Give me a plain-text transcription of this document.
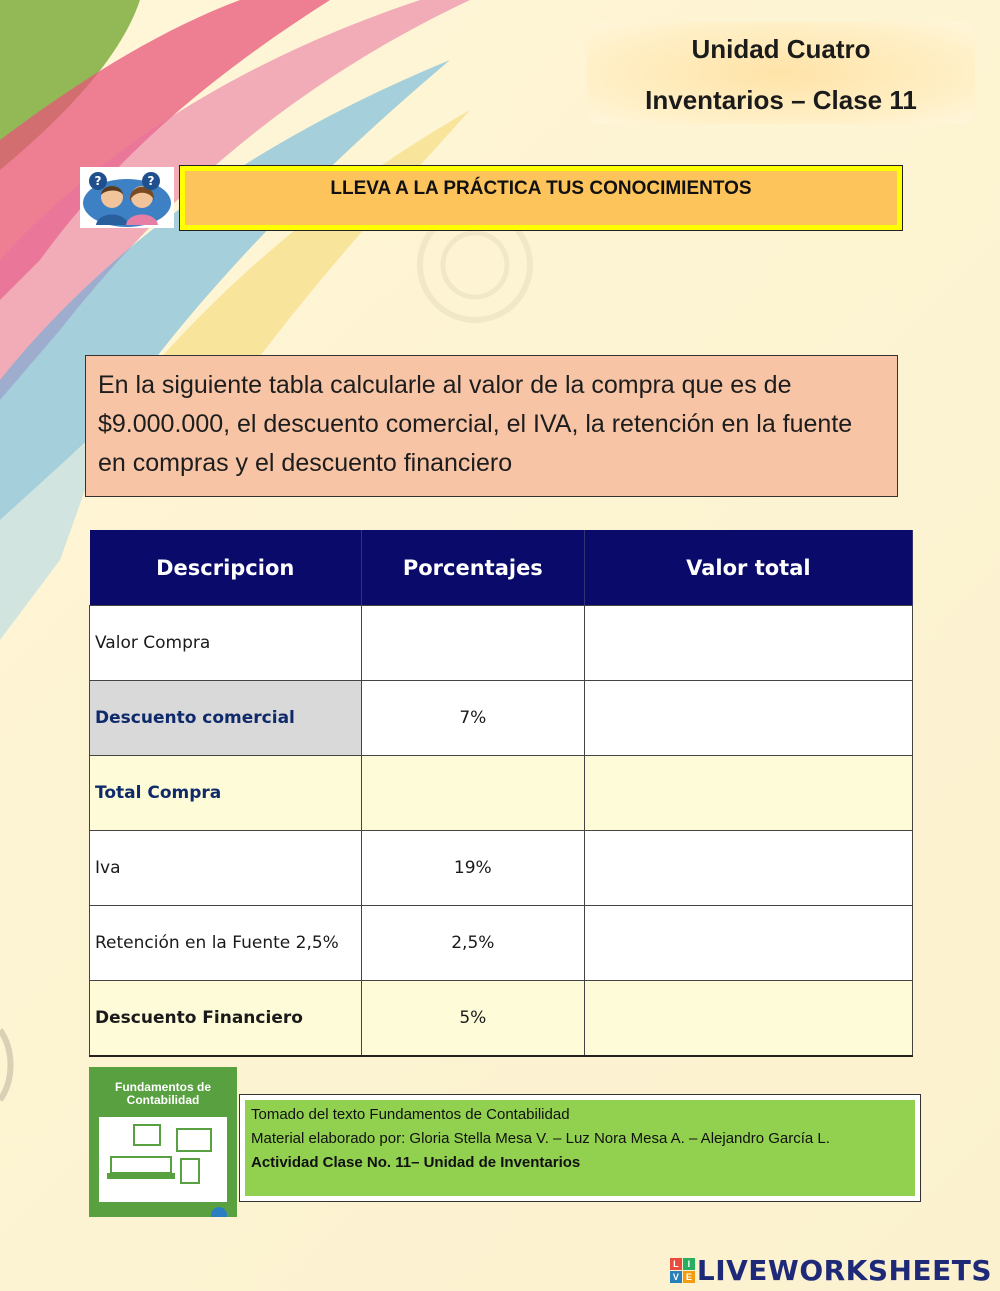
Unidad Cuatro
Inventarios – Clase 11
?	?	LLEVA A LA PRÁCTICA TUS CONOCIMIENTOS
En la siguiente tabla calcularle al valor de la compra que es de $9.000.000, el descuento comercial, el IVA, la retención en la fuente en compras y el descuento financiero
Descripcion	Porcentajes	Valor total
Valor Compra		
Descuento comercial	7%	
Total Compra		
Iva	19%	
Retención en la Fuente 2,5%	2,5%	
Descuento Financiero	5%	
Fundamentos de Contabilidad
Tomado del texto Fundamentos de Contabilidad
Material elaborado por: Gloria Stella Mesa V. – Luz Nora Mesa A. – Alejandro García L.
Actividad Clase No. 11– Unidad de Inventarios
L I
V E LIVEWORKSHEETS
